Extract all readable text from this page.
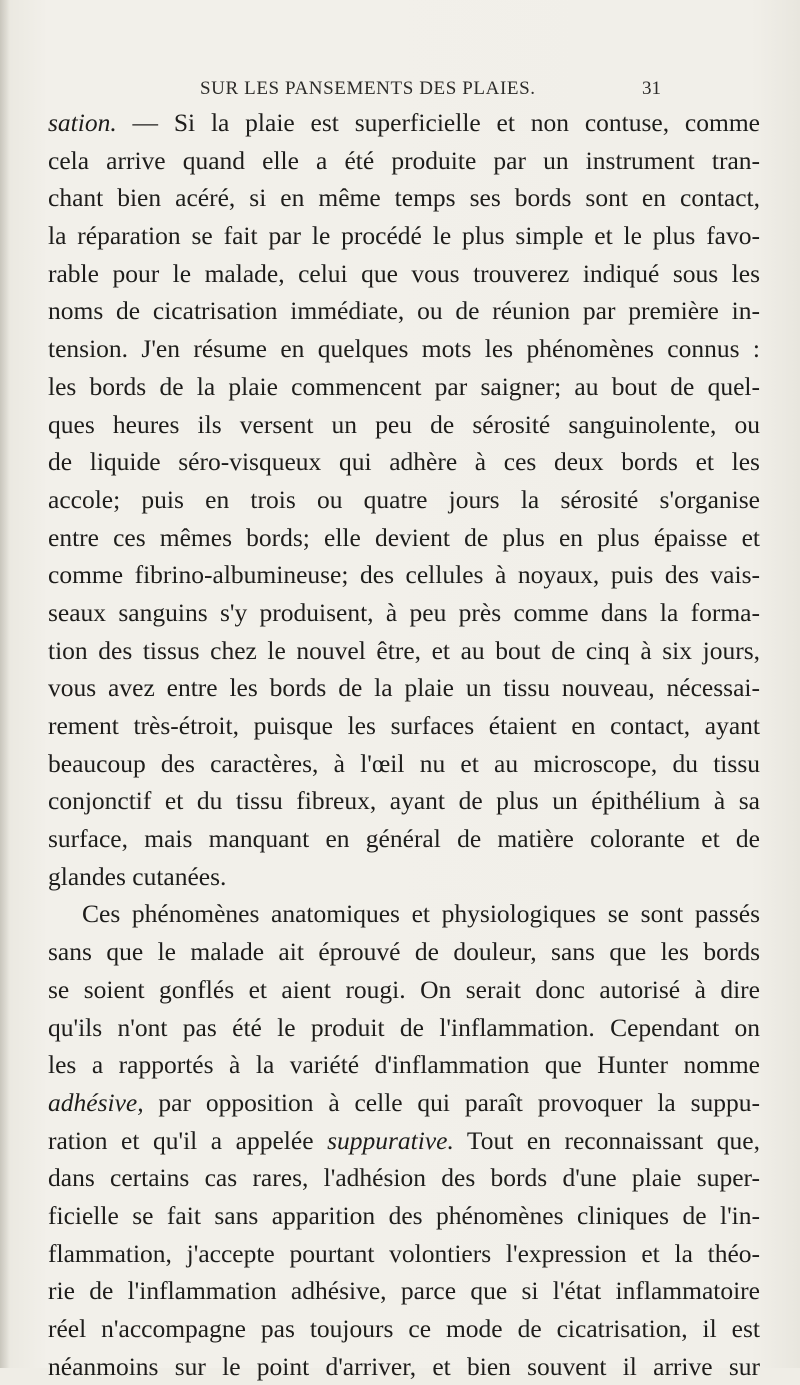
SUR LES PANSEMENTS DES PLAIES.	31
sation. — Si la plaie est superficielle et non contuse, comme
cela arrive quand elle a été produite par un instrument tran-
chant bien acéré, si en même temps ses bords sont en contact,
la réparation se fait par le procédé le plus simple et le plus favo-
rable pour le malade, celui que vous trouverez indiqué sous les
noms de cicatrisation immédiate, ou de réunion par première in-
tension. J'en résume en quelques mots les phénomènes connus :
les bords de la plaie commencent par saigner; au bout de quel-
ques heures ils versent un peu de sérosité sanguinolente, ou
de liquide séro-visqueux qui adhère à ces deux bords et les
accole; puis en trois ou quatre jours la sérosité s'organise
entre ces mêmes bords; elle devient de plus en plus épaisse et
comme fibrino-albumineuse; des cellules à noyaux, puis des vais-
seaux sanguins s'y produisent, à peu près comme dans la forma-
tion des tissus chez le nouvel être, et au bout de cinq à six jours,
vous avez entre les bords de la plaie un tissu nouveau, nécessai-
rement très-étroit, puisque les surfaces étaient en contact, ayant
beaucoup des caractères, à l'œil nu et au microscope, du tissu
conjonctif et du tissu fibreux, ayant de plus un épithélium à sa
surface, mais manquant en général de matière colorante et de
glandes cutanées.
Ces phénomènes anatomiques et physiologiques se sont passés
sans que le malade ait éprouvé de douleur, sans que les bords
se soient gonflés et aient rougi. On serait donc autorisé à dire
qu'ils n'ont pas été le produit de l'inflammation. Cependant on
les a rapportés à la variété d'inflammation que Hunter nomme
adhésive, par opposition à celle qui paraît provoquer la suppu-
ration et qu'il a appelée suppurative. Tout en reconnaissant que,
dans certains cas rares, l'adhésion des bords d'une plaie super-
ficielle se fait sans apparition des phénomènes cliniques de l'in-
flammation, j'accepte pourtant volontiers l'expression et la théo-
rie de l'inflammation adhésive, parce que si l'état inflammatoire
réel n'accompagne pas toujours ce mode de cicatrisation, il est
néanmoins sur le point d'arriver, et bien souvent il arrive sur
